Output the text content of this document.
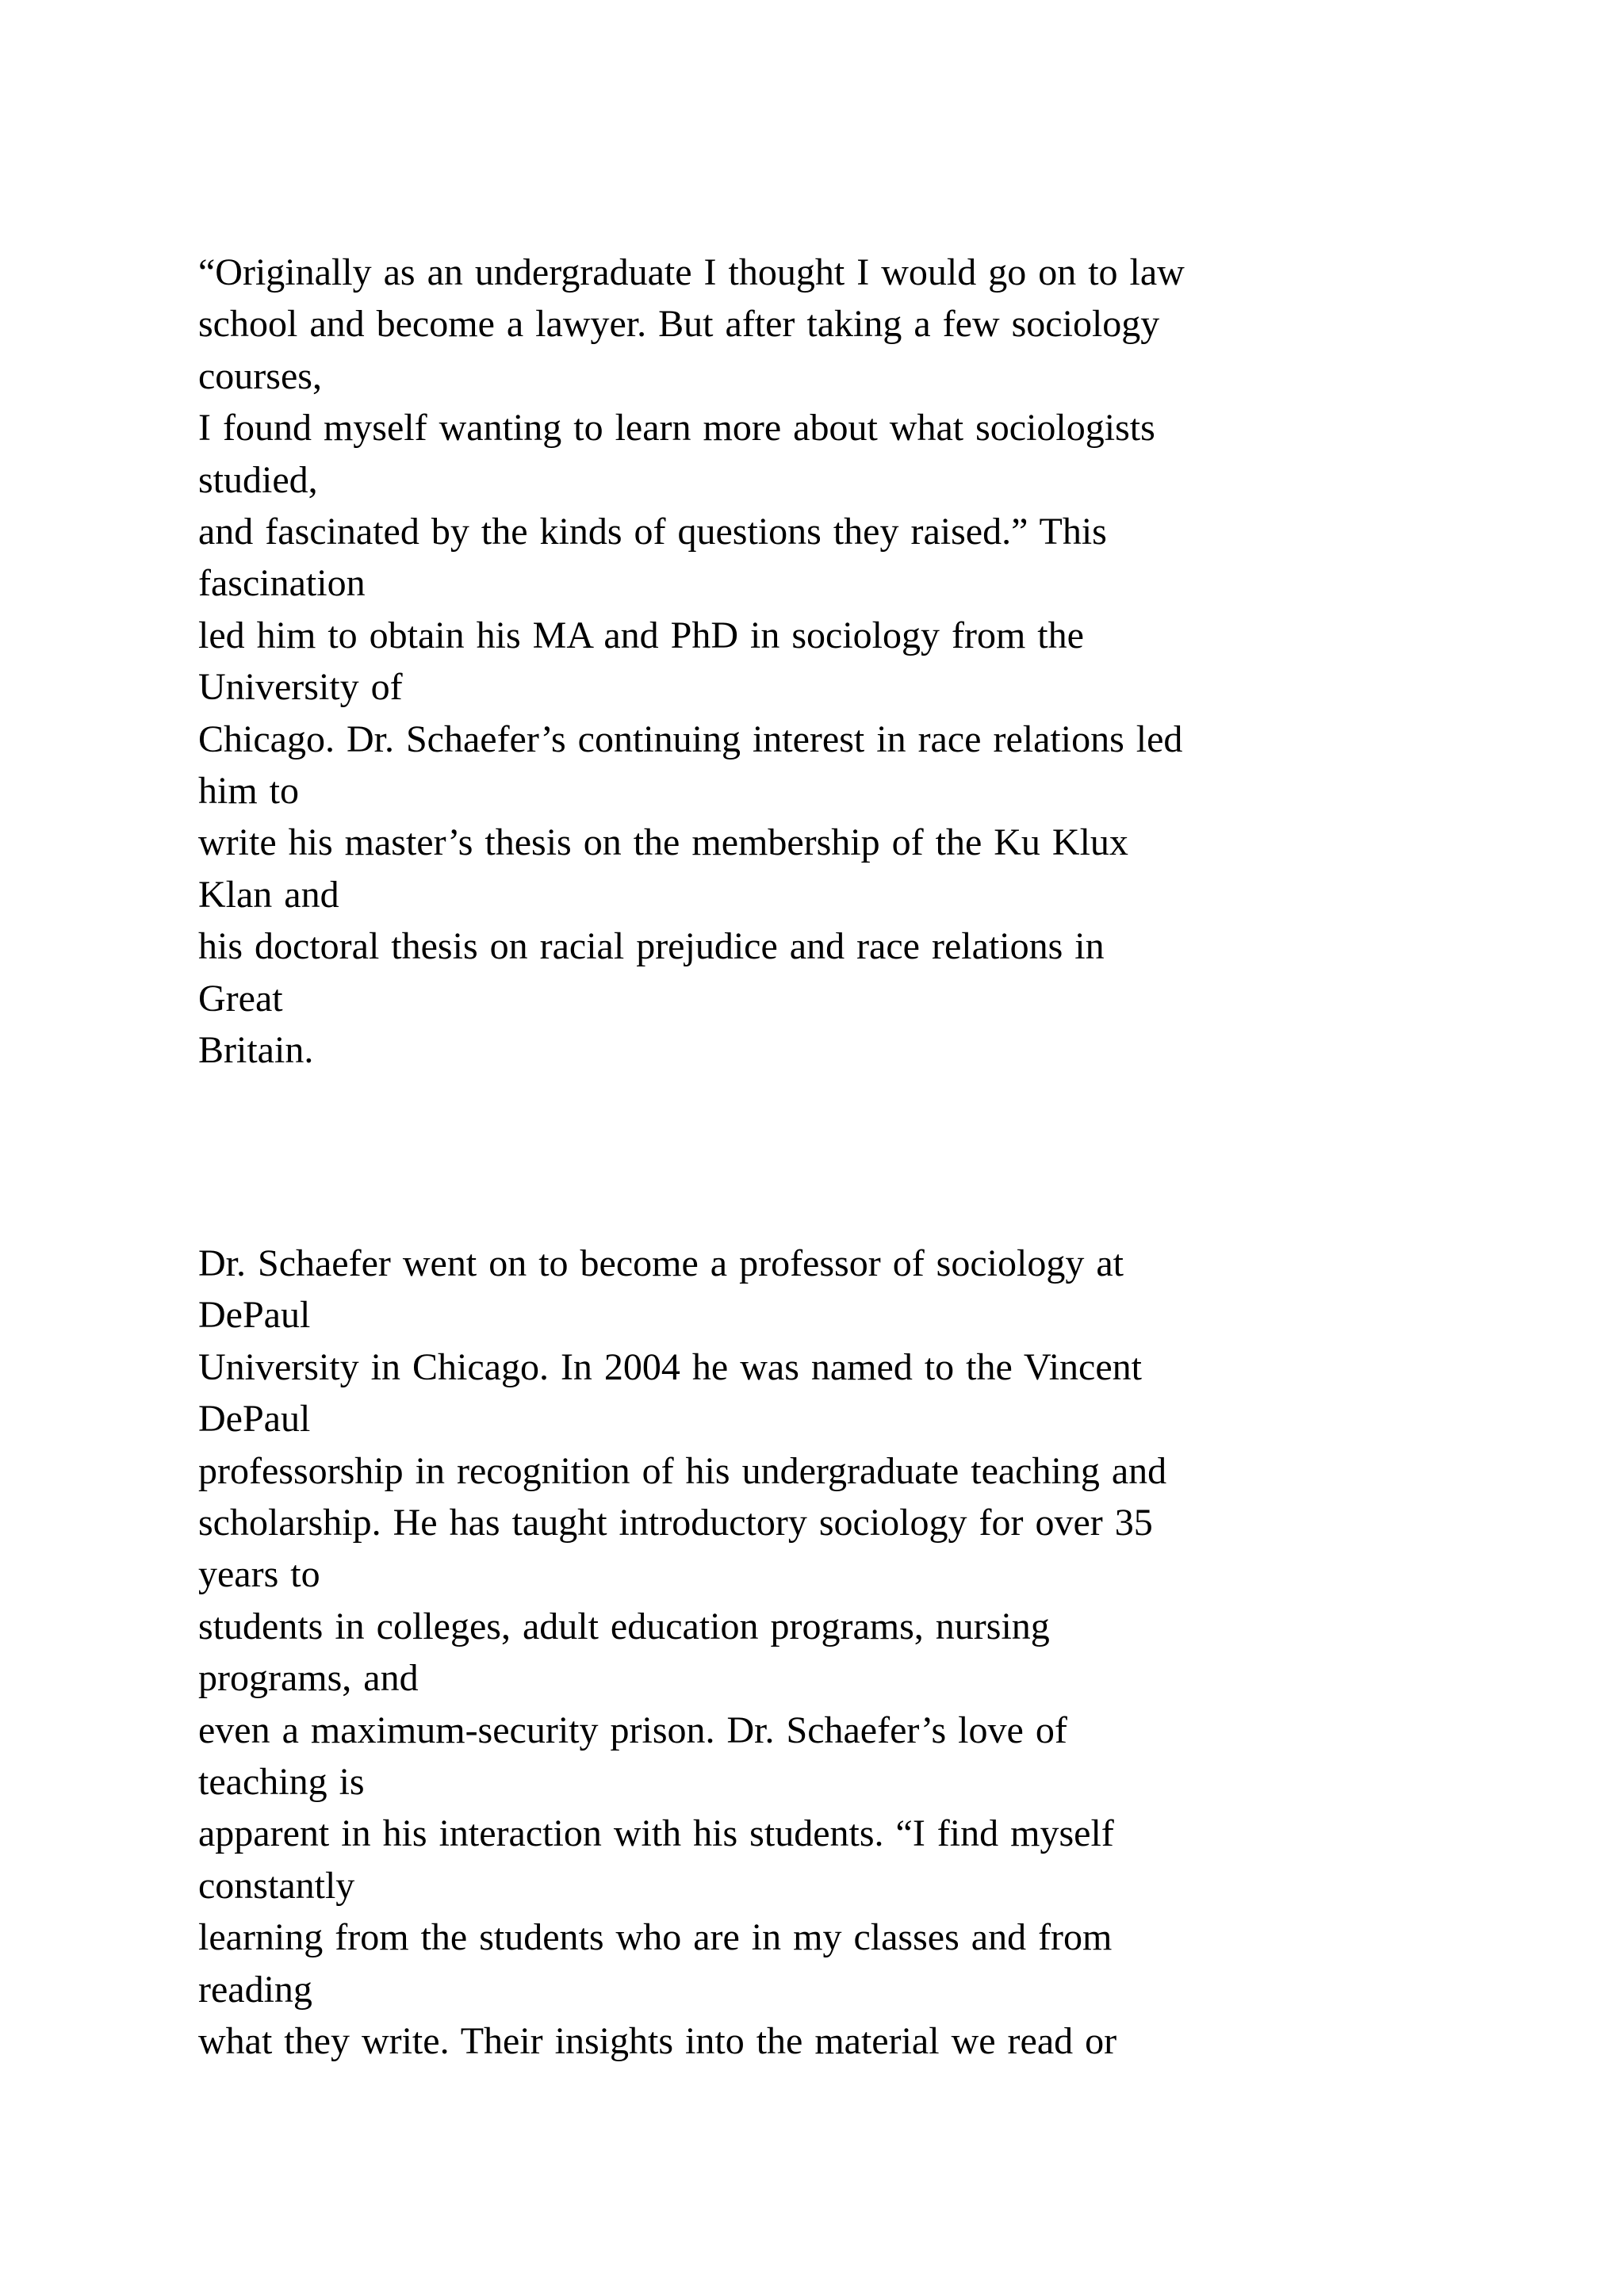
“Originally as an undergraduate I thought I would go on to law
school and become a lawyer. But after taking a few sociology
courses,
I found myself wanting to learn more about what sociologists
studied,
and fascinated by the kinds of questions they raised.” This
fascination
led him to obtain his MA and PhD in sociology from the
University of
Chicago. Dr. Schaefer’s continuing interest in race relations led
him to
write his master’s thesis on the membership of the Ku Klux
Klan and
his doctoral thesis on racial prejudice and race relations in
Great
Britain.

Dr. Schaefer went on to become a professor of sociology at
DePaul
University in Chicago. In 2004 he was named to the Vincent
DePaul
professorship in recognition of his undergraduate teaching and
scholarship. He has taught introductory sociology for over 35
years to
students in colleges, adult education programs, nursing
programs, and
even a maximum-security prison. Dr. Schaefer’s love of
teaching is
apparent in his interaction with his students. “I find myself
constantly
learning from the students who are in my classes and from
reading
what they write. Their insights into the material we read or
